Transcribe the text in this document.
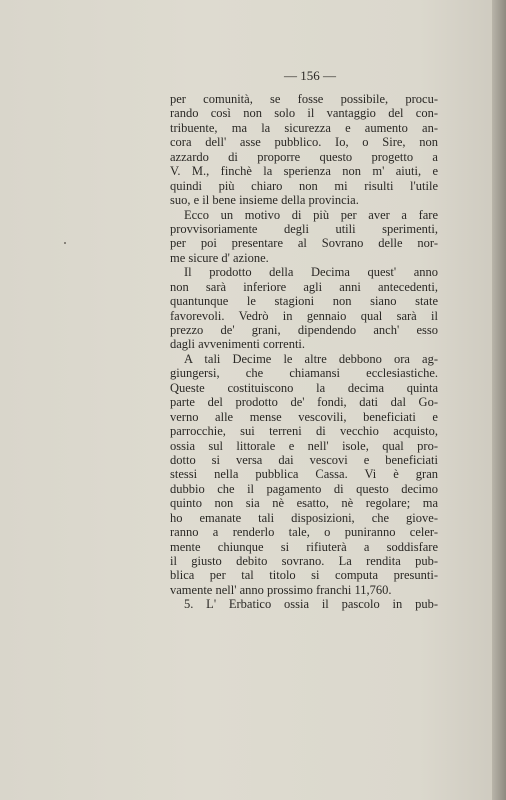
— 156 —
per comunità, se fosse possibile, procu-
rando così non solo il vantaggio del con-
tribuente, ma la sicurezza e aumento an-
cora dell' asse pubblico. Io, o Sire, non
azzardo di proporre questo progetto a
V. M., finchè la sperienza non m' aiuti, e
quindi più chiaro non mi risulti l'utile
suo, e il bene insieme della provincia.
Ecco un motivo di più per aver a fare
provvisoriamente degli utili sperimenti,
per poi presentare al Sovrano delle nor-
me sicure d' azione.
Il prodotto della Decima quest' anno
non sarà inferiore agli anni antecedenti,
quantunque le stagioni non siano state
favorevoli. Vedrò in gennaio qual sarà il
prezzo de' grani, dipendendo anch' esso
dagli avvenimenti correnti.
A tali Decime le altre debbono ora ag-
giungersi, che chiamansi ecclesiastiche.
Queste costituiscono la decima quinta
parte del prodotto de' fondi, dati dal Go-
verno alle mense vescovili, beneficiati e
parrocchie, sui terreni di vecchio acquisto,
ossia sul littorale e nell' isole, qual pro-
dotto si versa dai vescovi e beneficiati
stessi nella pubblica Cassa. Vi è gran
dubbio che il pagamento di questo decimo
quinto non sia nè esatto, nè regolare; ma
ho emanate tali disposizioni, che giove-
ranno a renderlo tale, o puniranno celer-
mente chiunque si rifiuterà a soddisfare
il giusto debito sovrano. La rendita pub-
blica per tal titolo si computa presunti-
vamente nell' anno prossimo franchi 11,760.
5. L' Erbatico ossia il pascolo in pub-
